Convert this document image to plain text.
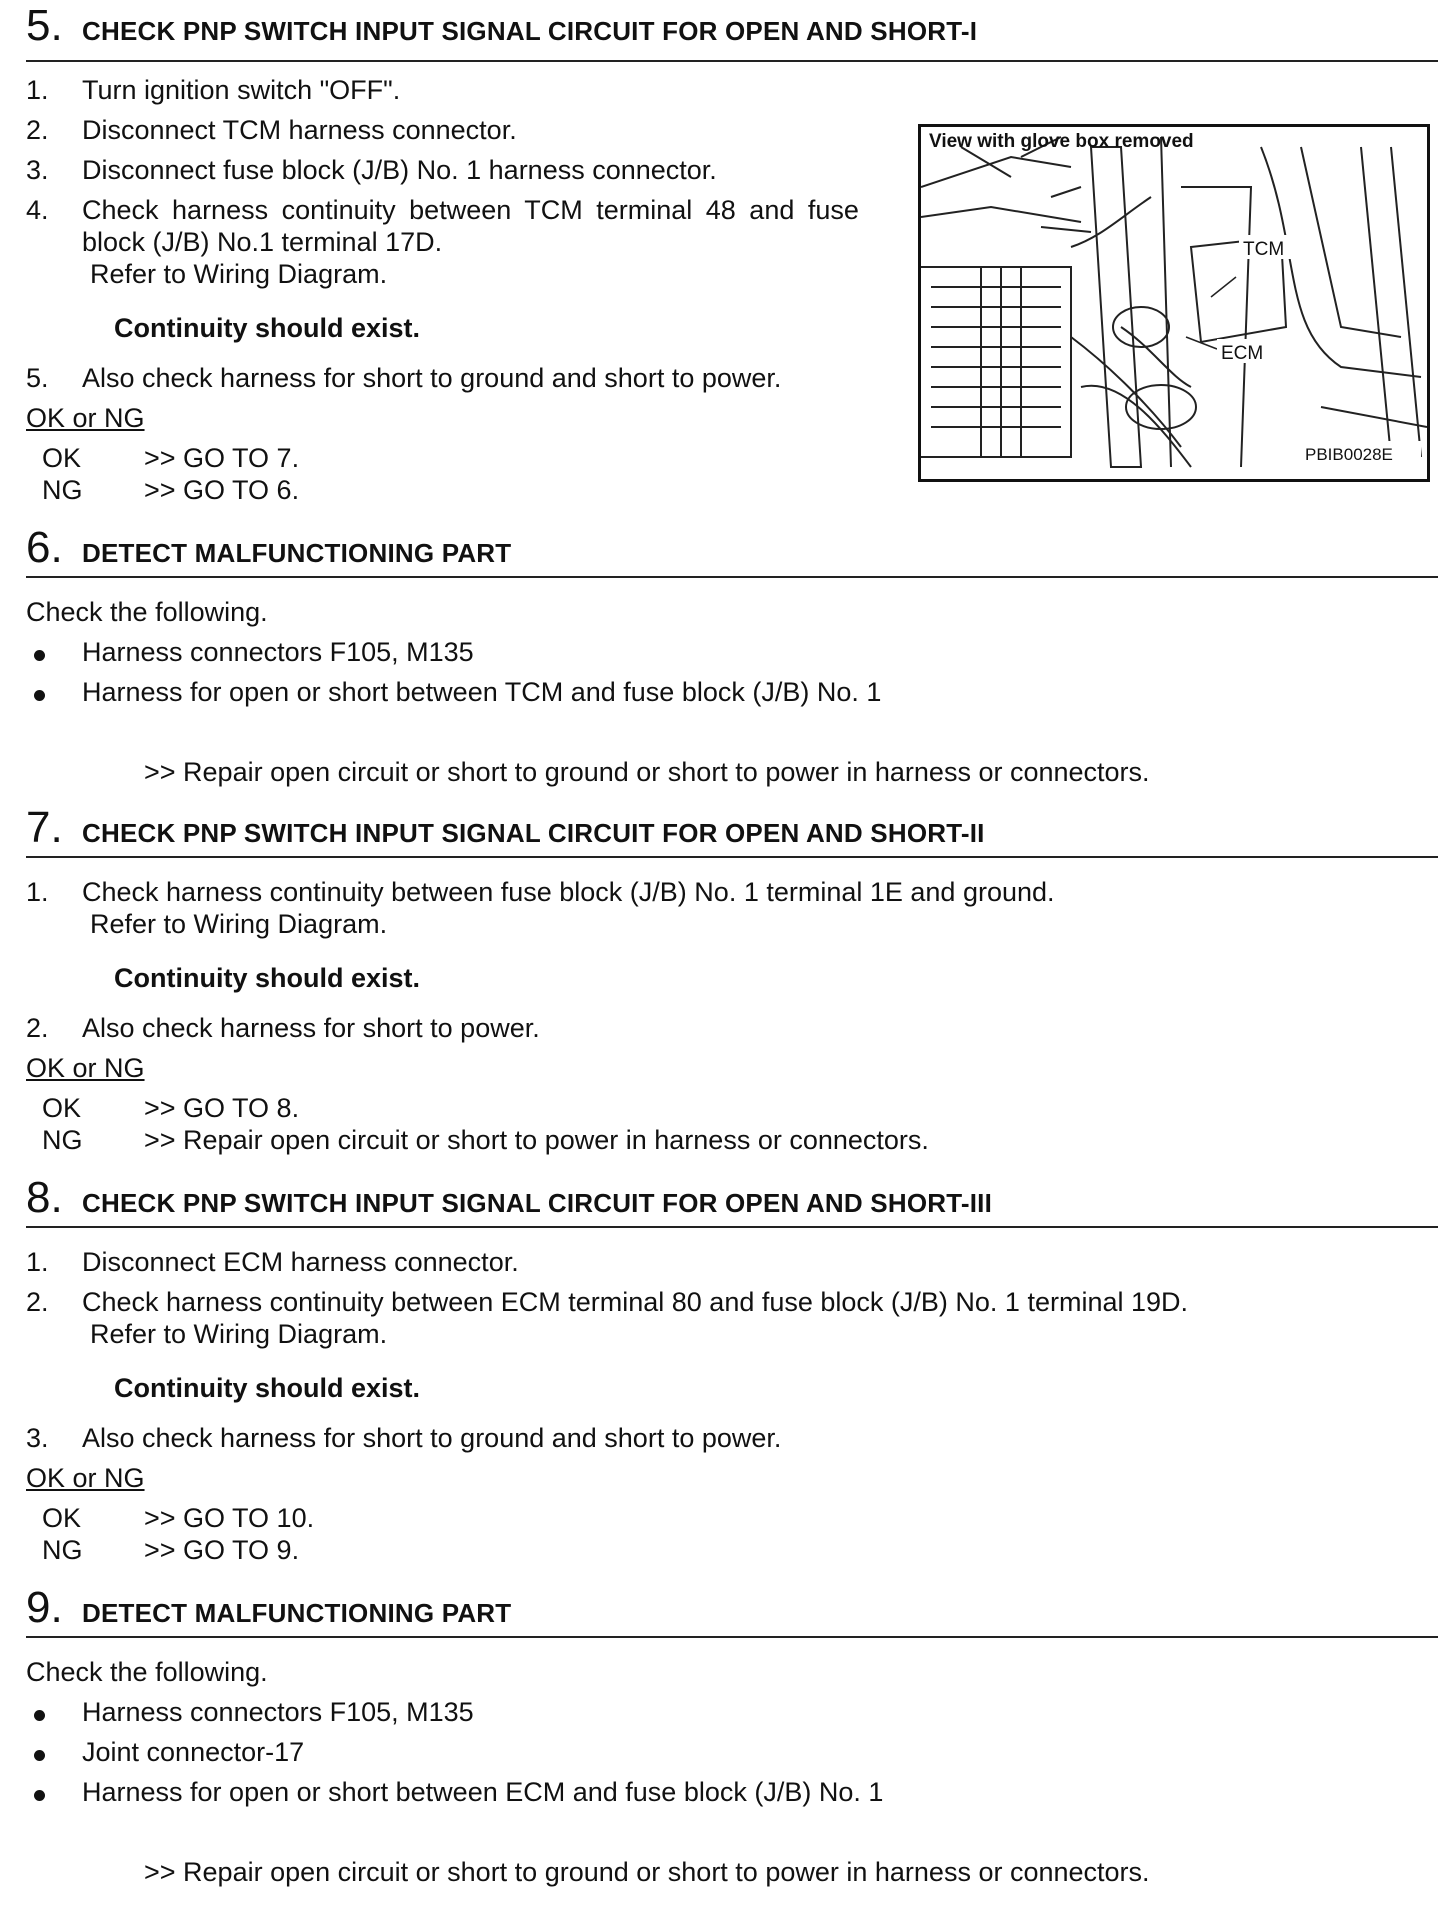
5. CHECK PNP SWITCH INPUT SIGNAL CIRCUIT FOR OPEN AND SHORT-I
1. Turn ignition switch "OFF".
2. Disconnect TCM harness connector.
3. Disconnect fuse block (J/B) No. 1 harness connector.
4. Check harness continuity between TCM terminal 48 and fuse
block (J/B) No.1 terminal 17D.
Refer to Wiring Diagram.
Continuity should exist.
5. Also check harness for short to ground and short to power.
OK or NG
OK >> GO TO 7.
NG >> GO TO 6.
View with glove box removed
TCM
ECM
PBIB0028E
6. DETECT MALFUNCTIONING PART
Check the following.
Harness connectors F105, M135
Harness for open or short between TCM and fuse block (J/B) No. 1
>> Repair open circuit or short to ground or short to power in harness or connectors.
7. CHECK PNP SWITCH INPUT SIGNAL CIRCUIT FOR OPEN AND SHORT-II
1. Check harness continuity between fuse block (J/B) No. 1 terminal 1E and ground.
Refer to Wiring Diagram.
Continuity should exist.
2. Also check harness for short to power.
OK or NG
OK >> GO TO 8.
NG >> Repair open circuit or short to power in harness or connectors.
8. CHECK PNP SWITCH INPUT SIGNAL CIRCUIT FOR OPEN AND SHORT-III
1. Disconnect ECM harness connector.
2. Check harness continuity between ECM terminal 80 and fuse block (J/B) No. 1 terminal 19D.
Refer to Wiring Diagram.
Continuity should exist.
3. Also check harness for short to ground and short to power.
OK or NG
OK >> GO TO 10.
NG >> GO TO 9.
9. DETECT MALFUNCTIONING PART
Check the following.
Harness connectors F105, M135
Joint connector-17
Harness for open or short between ECM and fuse block (J/B) No. 1
>> Repair open circuit or short to ground or short to power in harness or connectors.
